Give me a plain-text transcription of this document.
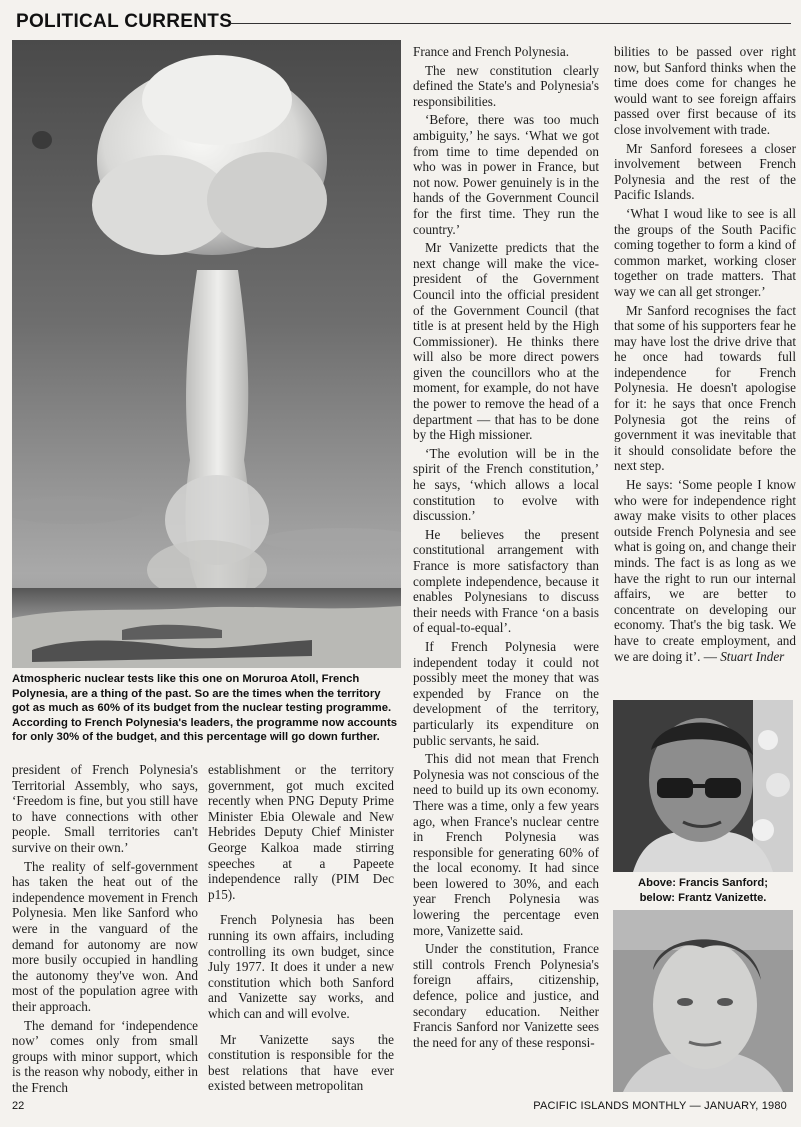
POLITICAL CURRENTS
Atmospheric nuclear tests like this one on Moruroa Atoll, French Polynesia, are a thing of the past. So are the times when the territory got as much as 60% of its budget from the nuclear testing programme. According to French Polynesia's leaders, the programme now accounts for only 30% of the budget, and this percentage will go down further.

president of French Polynesia's Territorial Assembly, who says, ‘Freedom is fine, but you still have to have connections with other people. Small territories can't survive on their own.’

The reality of self-government has taken the heat out of the independence movement in French Polynesia. Men like Sanford who were in the vanguard of the demand for autonomy are now more busily occupied in handling the autonomy they've won. And most of the population agree with their approach.

The demand for ‘independence now’ comes only from small groups with minor support, which is the reason why nobody, either in the French

establishment or the territory government, got much excited recently when PNG Deputy Prime Minister Ebia Olewale and New Hebrides Deputy Chief Minister George Kalkoa made stirring speeches at a Papeete independence rally (PIM Dec p15).

French Polynesia has been running its own affairs, including controlling its own budget, since July 1977. It does it under a new constitution which both Sanford and Vanizette say works, and which can and will evolve.

Mr Vanizette says the constitution is responsible for the best relations that have ever existed between metropolitan

France and French Polynesia.

The new constitution clearly defined the State's and Polynesia's responsibilities.

‘Before, there was too much ambiguity,’ he says. ‘What we got from time to time depended on who was in power in France, but not now. Power genuinely is in the hands of the Government Council for the first time. They run the country.’

Mr Vanizette predicts that the next change will make the vice-president of the Government Council into the official president of the Government Council (that title is at present held by the High Commissioner). He thinks there will also be more direct powers given the councillors who at the moment, for example, do not have the power to remove the head of a department — that has to be done by the High missioner.

‘The evolution will be in the spirit of the French constitution,’ he says, ‘which allows a local constitution to evolve with discussion.’

He believes the present constitutional arrangement with France is more satisfactory than complete independence, because it enables Polynesians to discuss their needs with France ‘on a basis of equal-to-equal’.

If French Polynesia were independent today it could not possibly meet the money that was expended by France on the development of the territory, particularly its expenditure on public servants, he said.

This did not mean that French Polynesia was not conscious of the need to build up its own economy. There was a time, only a few years ago, when France's nuclear centre in French Polynesia was responsible for generating 60% of the local economy. It had since been lowered to 30%, and each year French Polynesia was lowering the percentage even more, Vanizette said.

Under the constitution, France still controls French Polynesia's foreign affairs, citizenship, defence, police and justice, and secondary education. Neither Francis Sanford nor Vanizette sees the need for any of these responsi-

bilities to be passed over right now, but Sanford thinks when the time does come for changes he would want to see foreign affairs passed over first because of its close involvement with trade.

Mr Sanford foresees a closer involvement between French Polynesia and the rest of the Pacific Islands.

‘What I woud like to see is all the groups of the South Pacific coming together to form a kind of common market, working closer together on trade matters. That way we can all get stronger.’

Mr Sanford recognises the fact that some of his supporters fear he may have lost the drive drive that he once had towards full independence for French Polynesia. He doesn't apologise for it: he says that once French Polynesia got the reins of government it was inevitable that it should consolidate before the next step.

He says: ‘Some people I know who were for independence right away make visits to other places outside French Polynesia and see what is going on, and change their minds. The fact is as long as we have the right to run our internal affairs, we are better to concentrate on developing our economy. That's the big task. We have to create employment, and we are doing it’. — Stuart Inder

Above: Francis Sanford;
below: Frantz Vanizette.
22	PACIFIC ISLANDS MONTHLY — JANUARY, 1980
